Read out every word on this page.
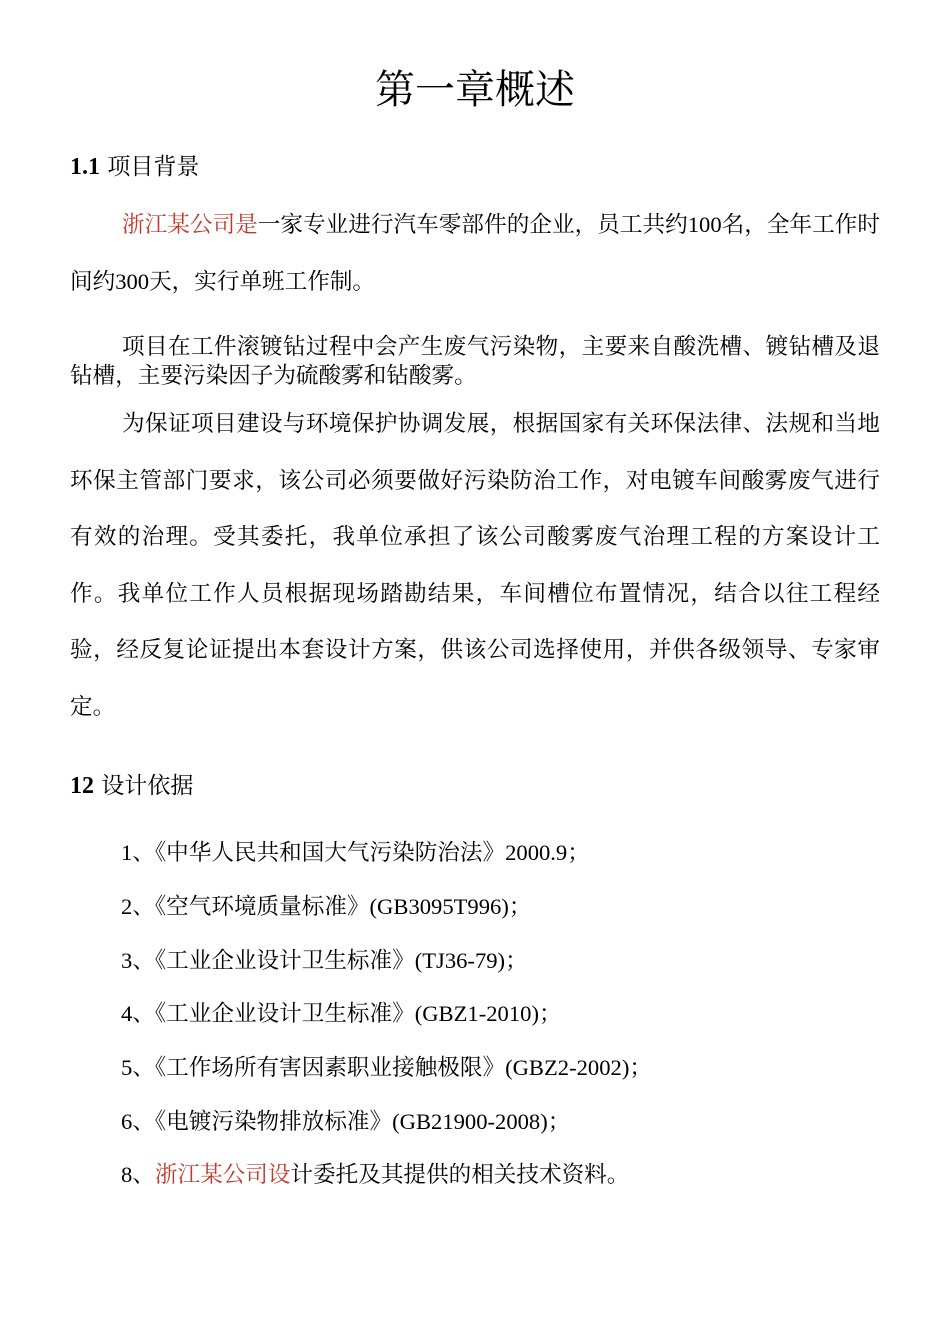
第一章概述
1.1 项目背景

浙江某公司是一家专业进行汽车零部件的企业，员工共约100名，全年工作时间约300天，实行单班工作制。

项目在工件滚镀钻过程中会产生废气污染物，主要来自酸洗槽、镀钻槽及退钻槽，主要污染因子为硫酸雾和钻酸雾。

为保证项目建设与环境保护协调发展，根据国家有关环保法律、法规和当地环保主管部门要求，该公司必须要做好污染防治工作，对电镀车间酸雾废气进行有效的治理。受其委托，我单位承担了该公司酸雾废气治理工程的方案设计工作。我单位工作人员根据现场踏勘结果，车间槽位布置情况，结合以往工程经验，经反复论证提出本套设计方案，供该公司选择使用，并供各级领导、专家审定。

12 设计依据
1、《中华人民共和国大气污染防治法》2000.9；
2、《空气环境质量标准》(GB3095T996)；
3、《工业企业设计卫生标准》(TJ36-79)；
4、《工业企业设计卫生标准》(GBZ1-2010)；
5、《工作场所有害因素职业接触极限》(GBZ2-2002)；
6、《电镀污染物排放标准》(GB21900-2008)；
8、浙江某公司设计委托及其提供的相关技术资料。
